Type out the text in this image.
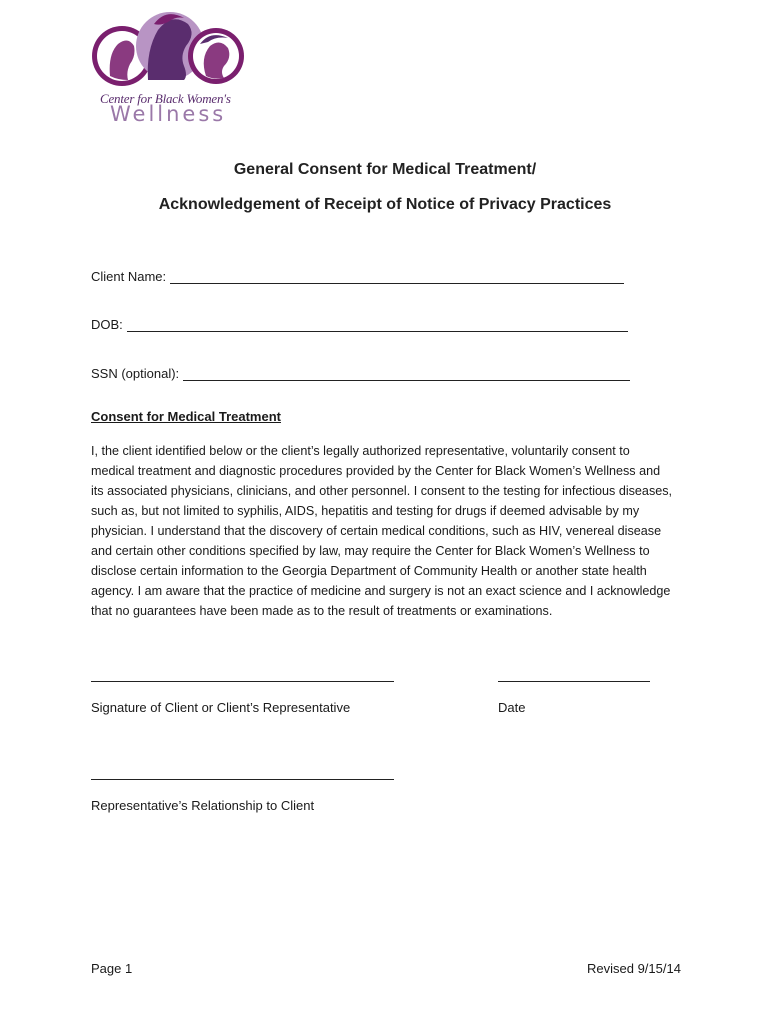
Center for Black Women's
Wellness
General Consent for Medical Treatment/
Acknowledgement of Receipt of Notice of Privacy Practices
Client Name:
DOB:
SSN (optional):
Consent for Medical Treatment
I, the client identified below or the client’s legally authorized representative, voluntarily consent to
medical treatment and diagnostic procedures provided by the Center for Black Women’s Wellness and
its associated physicians, clinicians, and other personnel. I consent to the testing for infectious diseases,
such as, but not limited to syphilis, AIDS, hepatitis and testing for drugs if deemed advisable by my
physician. I understand that the discovery of certain medical conditions, such as HIV, venereal disease
and certain other conditions specified by law, may require the Center for Black Women’s Wellness to
disclose certain information to the Georgia Department of Community Health or another state health
agency. I am aware that the practice of medicine and surgery is not an exact science and I acknowledge
that no guarantees have been made as to the result of treatments or examinations.
Signature of Client or Client’s Representative	Date
Representative’s Relationship to Client
Page 1	Revised 9/15/14
